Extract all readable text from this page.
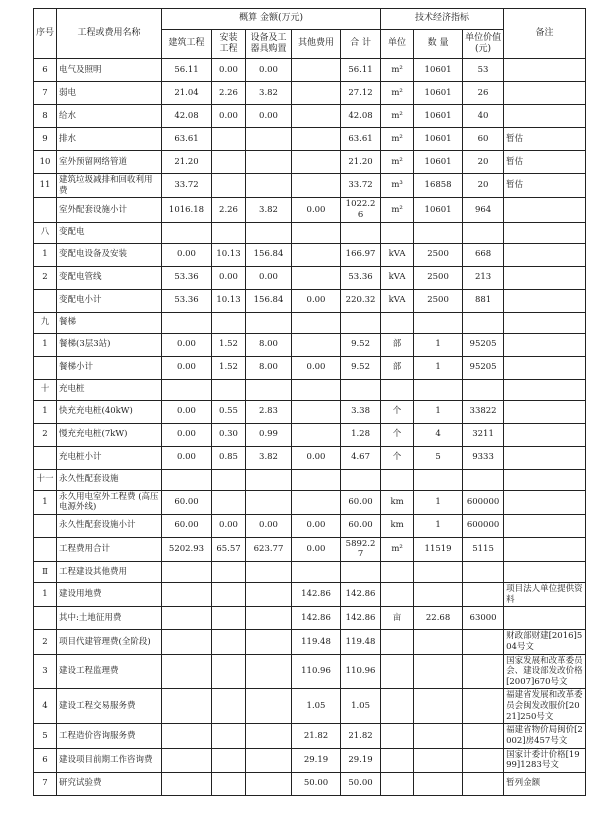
序号	工程或费用名称	概算 金额(万元)					技术经济指标			备注
		建筑工程	安装
工程	设备及工
器具购置	其他费用	合 计	单位	数 量	单位价值
(元)	
6	电气及照明	56.11	0.00	0.00		56.11	m²	10601	53	
7	弱电	21.04	2.26	3.82		27.12	m²	10601	26	
8	给水	42.08	0.00	0.00		42.08	m²	10601	40	
9	排水	63.61				63.61	m²	10601	60	暂估
10	室外预留网络管道	21.20				21.20	m²	10601	20	暂估
11	建筑垃圾减排和回收利用费	33.72				33.72	m³	16858	20	暂估
	室外配套设施小计	1016.18	2.26	3.82	0.00	1022.26	m²	10601	964	
八	变配电									
1	变配电设备及安装	0.00	10.13	156.84		166.97	kVA	2500	668	
2	变配电管线	53.36	0.00	0.00		53.36	kVA	2500	213	
	变配电小计	53.36	10.13	156.84	0.00	220.32	kVA	2500	881	
九	餐梯									
1	餐梯(3层3站)	0.00	1.52	8.00		9.52	部	1	95205	
	餐梯小计	0.00	1.52	8.00	0.00	9.52	部	1	95205	
十	充电桩									
1	快充充电桩(40kW)	0.00	0.55	2.83		3.38	个	1	33822	
2	慢充充电桩(7kW)	0.00	0.30	0.99		1.28	个	4	3211	
	充电桩小计	0.00	0.85	3.82	0.00	4.67	个	5	9333	
十一	永久性配套设施									
1	永久用电室外工程费 (高压电源外线)	60.00				60.00	km	1	600000	
	永久性配套设施小计	60.00	0.00	0.00	0.00	60.00	km	1	600000	
	工程费用合计	5202.93	65.57	623.77	0.00	5892.27	m²	11519	5115	
Ⅱ	工程建设其他费用									
1	建设用地费				142.86	142.86				项目法人单位提供资料
	其中:土地征用费				142.86	142.86	亩	22.68	63000	
2	项目代建管理费(全阶段)				119.48	119.48				财政部财建[2016]504号文
3	建设工程监理费				110.96	110.96				国家发展和改革委员会、建设部发改价格[2007]670号文
4	建设工程交易服务费				1.05	1.05				福建省发展和改革委员会闽发改服价[2021]250号文
5	工程造价咨询服务费				21.82	21.82				福建省物价局闽价[2002]房457号文
6	建设项目前期工作咨询费				29.19	29.19				国家计委计价格[1999]1283号文
7	研究试验费				50.00	50.00				暂列金额
